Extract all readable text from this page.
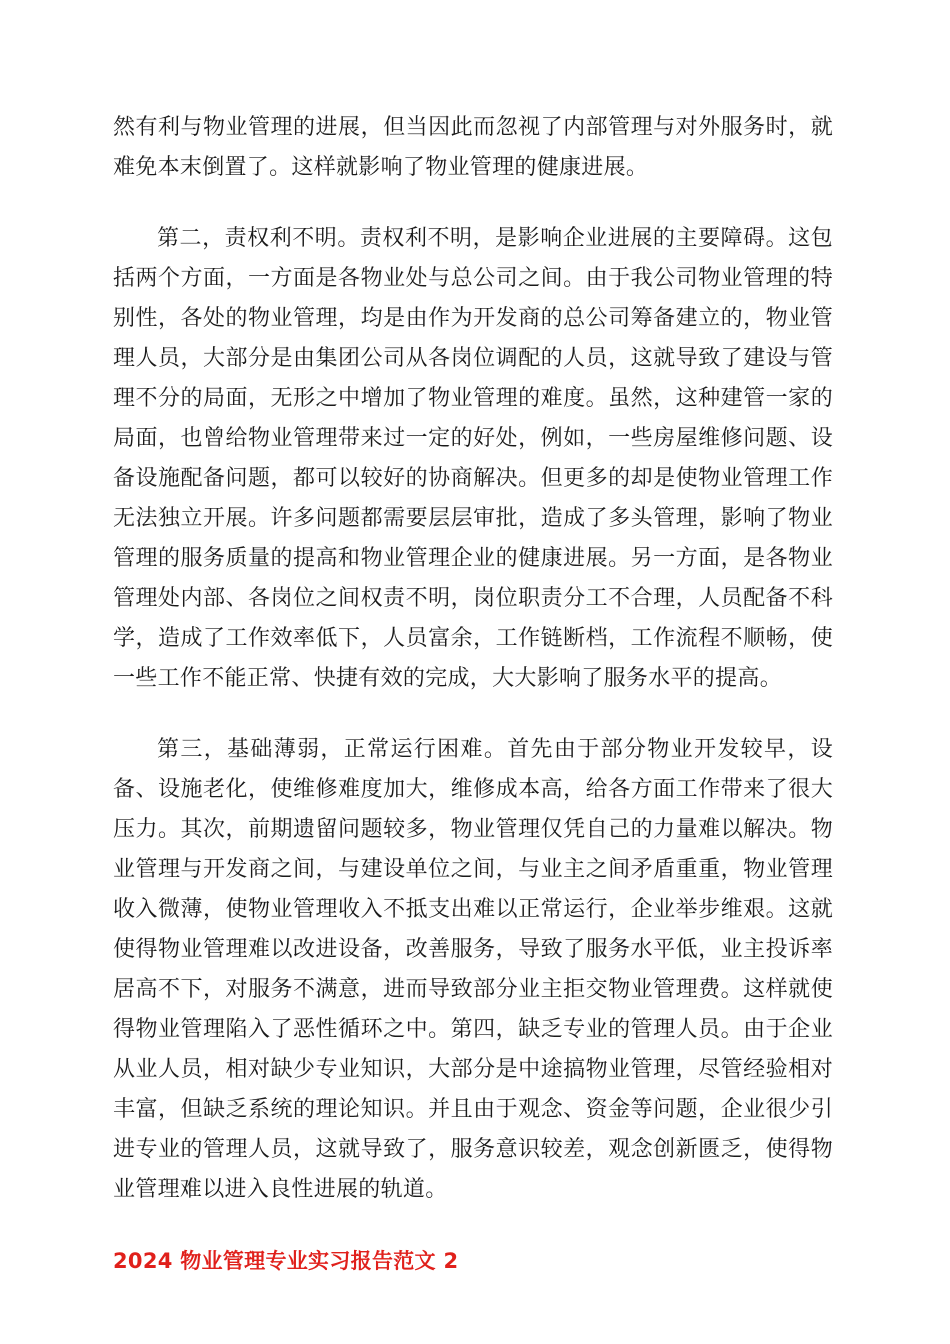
然有利与物业管理的进展，但当因此而忽视了内部管理与对外服务时，就难免本末倒置了。这样就影响了物业管理的健康进展。

第二，责权利不明。责权利不明，是影响企业进展的主要障碍。这包括两个方面，一方面是各物业处与总公司之间。由于我公司物业管理的特别性，各处的物业管理，均是由作为开发商的总公司筹备建立的，物业管理人员，大部分是由集团公司从各岗位调配的人员，这就导致了建设与管理不分的局面，无形之中增加了物业管理的难度。虽然，这种建管一家的局面，也曾给物业管理带来过一定的好处，例如，一些房屋维修问题、设备设施配备问题，都可以较好的协商解决。但更多的却是使物业管理工作无法独立开展。许多问题都需要层层审批，造成了多头管理，影响了物业管理的服务质量的提高和物业管理企业的健康进展。另一方面，是各物业管理处内部、各岗位之间权责不明，岗位职责分工不合理，人员配备不科学，造成了工作效率低下，人员富余，工作链断档，工作流程不顺畅，使一些工作不能正常、快捷有效的完成，大大影响了服务水平的提高。

第三，基础薄弱，正常运行困难。首先由于部分物业开发较早，设备、设施老化，使维修难度加大，维修成本高，给各方面工作带来了很大压力。其次，前期遗留问题较多，物业管理仅凭自己的力量难以解决。物业管理与开发商之间，与建设单位之间，与业主之间矛盾重重，物业管理收入微薄，使物业管理收入不抵支出难以正常运行，企业举步维艰。这就使得物业管理难以改进设备，改善服务，导致了服务水平低，业主投诉率居高不下，对服务不满意，进而导致部分业主拒交物业管理费。这样就使得物业管理陷入了恶性循环之中。第四，缺乏专业的管理人员。由于企业从业人员，相对缺少专业知识，大部分是中途搞物业管理，尽管经验相对丰富，但缺乏系统的理论知识。并且由于观念、资金等问题，企业很少引进专业的管理人员，这就导致了，服务意识较差，观念创新匮乏，使得物业管理难以进入良性进展的轨道。

2024 物业管理专业实习报告范文 2
